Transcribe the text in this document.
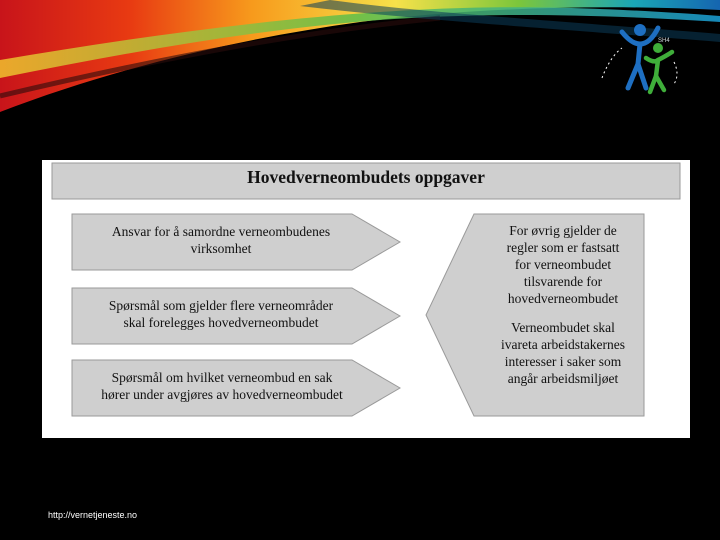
SH4
Hovedverneombudets oppgaver
Ansvar for å samordne verneombudenes
virksomhet
Spørsmål som gjelder flere verneområder
skal forelegges hovedverneombudet
Spørsmål om hvilket verneombud en sak
hører under avgjøres av hovedverneombudet
For øvrig gjelder de
regler som er fastsatt
for verneombudet
tilsvarende for
hovedverneombudet
Verneombudet skal
ivareta arbeidstakernes
interesser i saker som
angår arbeidsmiljøet
http://vernetjeneste.no
